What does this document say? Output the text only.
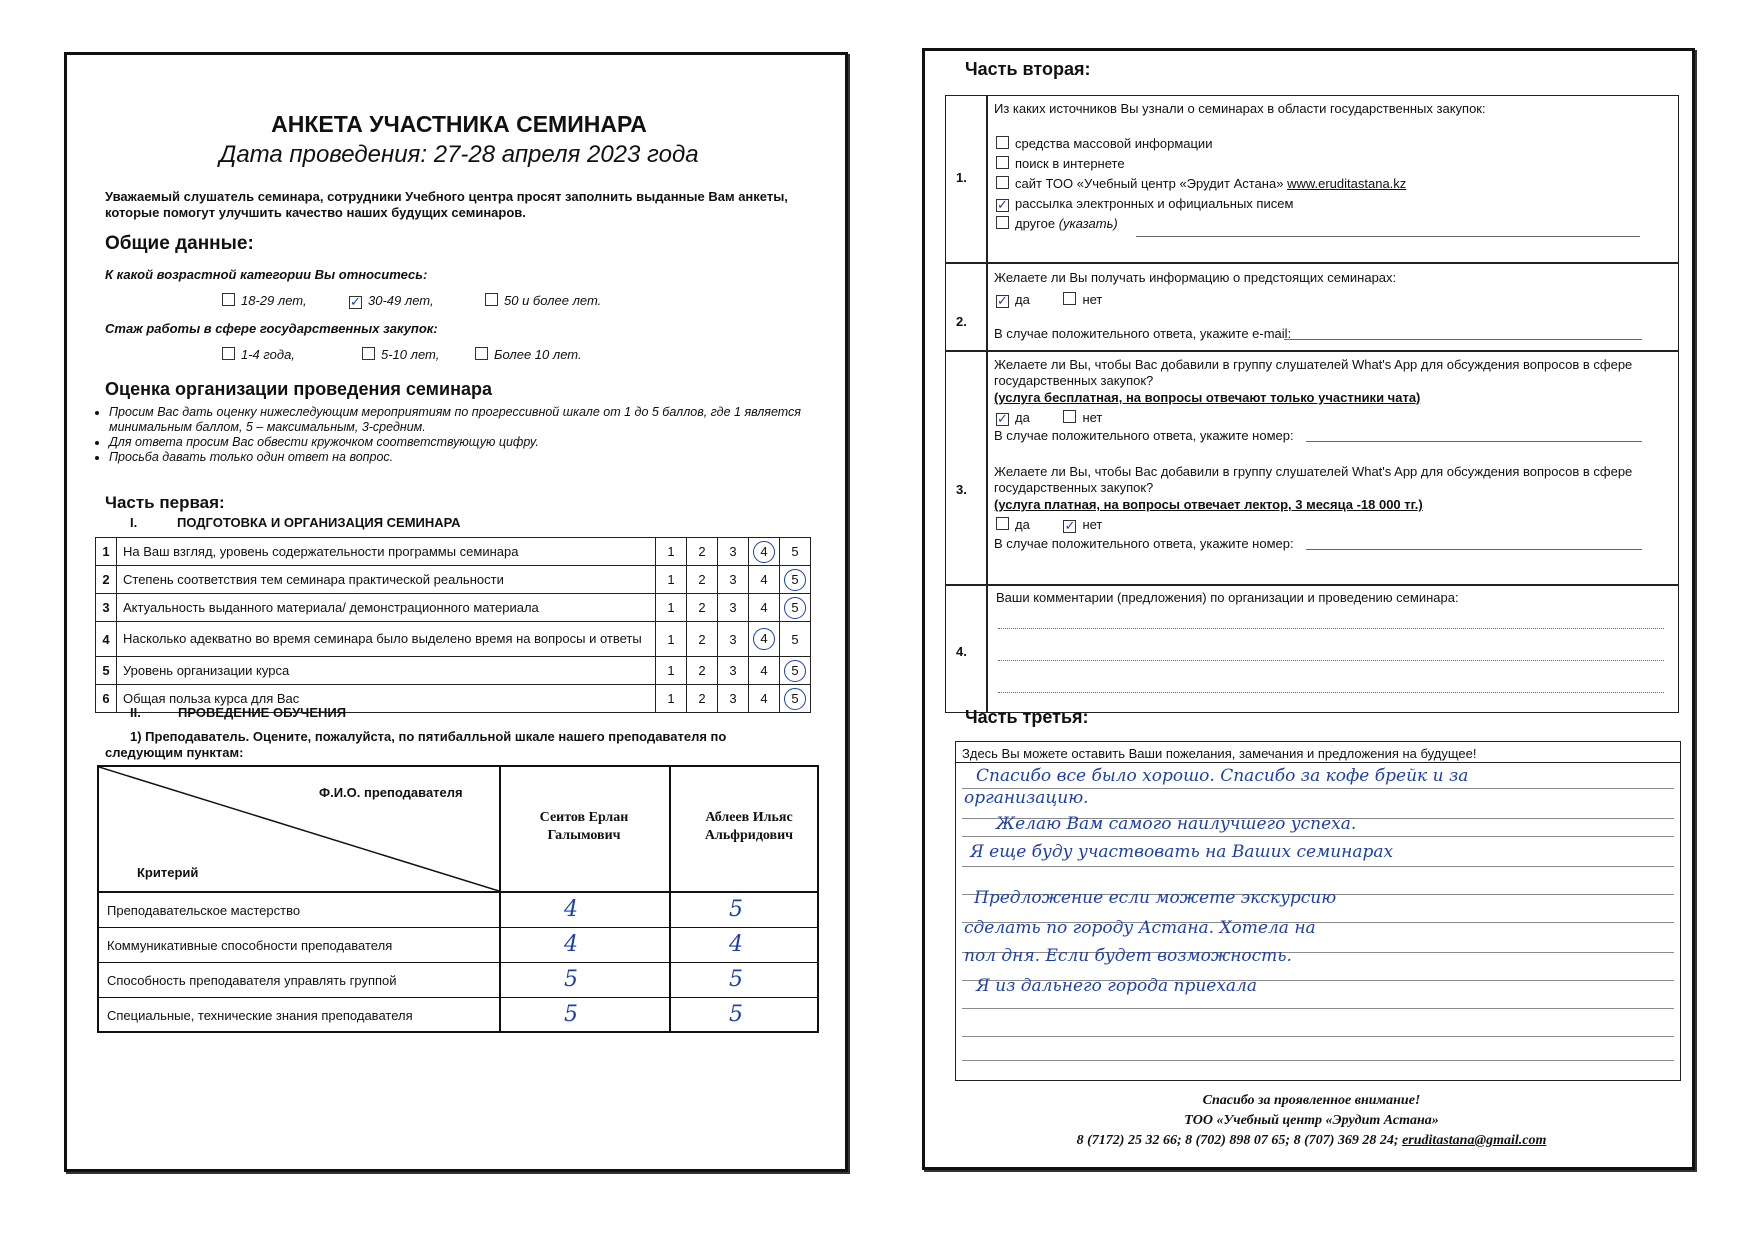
АНКЕТА УЧАСТНИКА СЕМИНАРА
Дата проведения: 27-28 апреля 2023 года
Уважаемый слушатель семинара, сотрудники Учебного центра просят заполнить выданные Вам анкеты, которые помогут улучшить качество наших будущих семинаров.
Общие данные:
К какой возрастной категории Вы относитесь:
18-29 лет,	✓ 30-49 лет,	50 и более лет.
Стаж работы в сфере государственных закупок:
1-4 года,	5-10 лет,	Более 10 лет.
Оценка организации проведения семинара
• Просим Вас дать оценку нижеследующим мероприятиям по прогрессивной шкале от 1 до 5 баллов, где 1 является минимальным баллом, 5 – максимальным, 3-средним.
• Для ответа просим Вас обвести кружочком соответствующую цифру.
• Просьба давать только один ответ на вопрос.
Часть первая:
I.	ПОДГОТОВКА И ОРГАНИЗАЦИЯ СЕМИНАРА
1	На Ваш взгляд, уровень содержательности программы семинара	1	2	3	4	5
2	Степень соответствия тем семинара практической реальности	1	2	3	4	5
3	Актуальность выданного материала/ демонстрационного материала	1	2	3	4	5
4	Насколько адекватно во время семинара было выделено время на вопросы и ответы	1	2	3	4	5
5	Уровень организации курса	1	2	3	4	5
6	Общая польза курса для Вас	1	2	3	4	5
II.	ПРОВЕДЕНИЕ ОБУЧЕНИЯ
1) Преподаватель. Оцените, пожалуйста, по пятибалльной шкале нашего преподавателя по следующим пунктам:
Ф.И.О. преподавателя
Критерий
Сеитов Ерлан Галымович
Аблеев Ильяс Альфридович
Преподавательское мастерство	4	5
Коммуникативные способности преподавателя	4	4
Способность преподавателя управлять группой	5	5
Специальные, технические знания преподавателя	5	5
Часть вторая:
1.
Из каких источников Вы узнали о семинарах в области государственных закупок:
средства массовой информации
поиск в интернете
сайт ТОО «Учебный центр «Эрудит Астана» www.eruditastana.kz
✓ рассылка электронных и официальных писем
другое (указать)
2.
Желаете ли Вы получать информацию о предстоящих семинарах:
✓ да	нет
В случае положительного ответа, укажите e-mail:
3.
Желаете ли Вы, чтобы Вас добавили в группу слушателей What's App для обсуждения вопросов в сфере государственных закупок?
(услуга бесплатная, на вопросы отвечают только участники чата)
✓ да	нет
В случае положительного ответа, укажите номер:
Желаете ли Вы, чтобы Вас добавили в группу слушателей What's App для обсуждения вопросов в сфере государственных закупок?
(услуга платная, на вопросы отвечает лектор, 3 месяца -18 000 тг.)
да	✓ нет
В случае положительного ответа, укажите номер:
4.
Ваши комментарии (предложения) по организации и проведению семинара:
Часть третья:
Здесь Вы можете оставить Ваши пожелания, замечания и предложения на будущее!
Спасибо все было хорошо. Спасибо за кофе брейк и за
организацию.
Желаю Вам самого наилучшего успеха.
Я еще буду участвовать на Ваших семинарах
Предложение если можете экскурсию
сделать по городу Астана. Хотела на
пол дня. Если будет возможность.
Я из дальнего города приехала
Спасибо за проявленное внимание!
ТОО «Учебный центр «Эрудит Астана»
8 (7172) 25 32 66; 8 (702) 898 07 65; 8 (707) 369 28 24; eruditastana@gmail.com
